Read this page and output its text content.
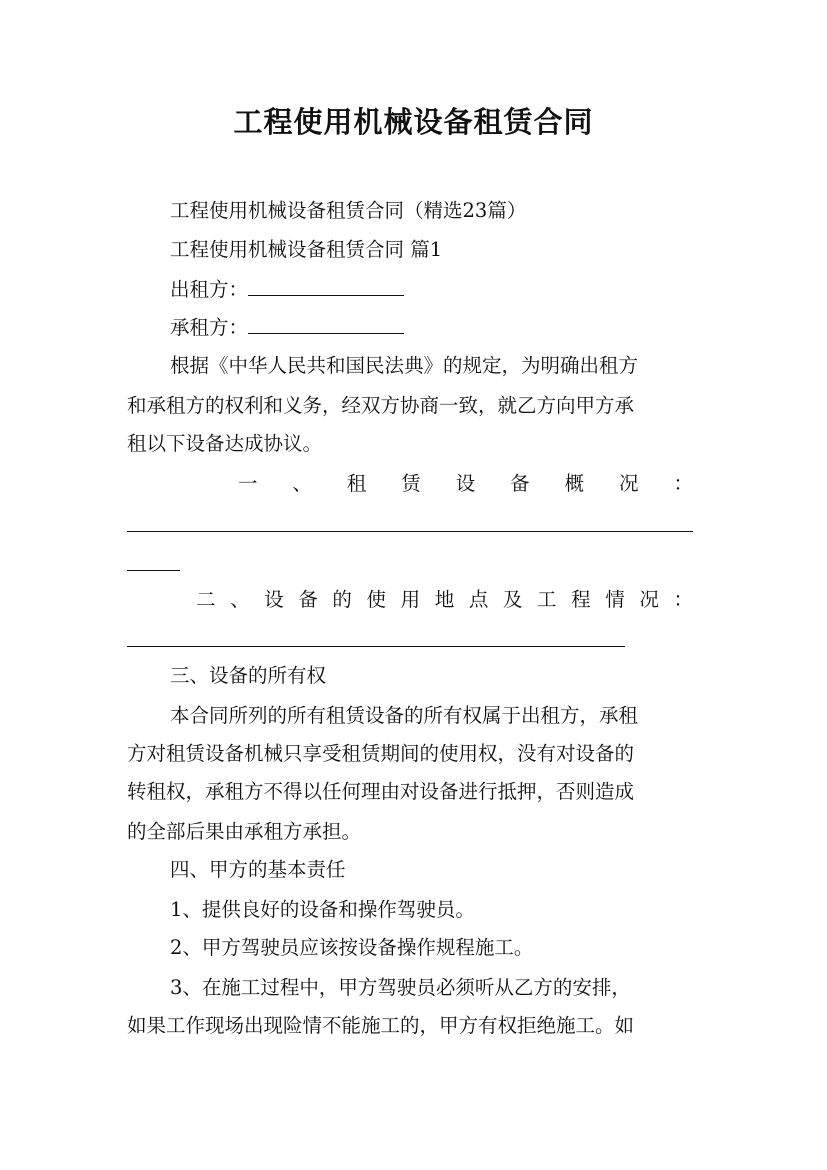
工程使用机械设备租赁合同
工程使用机械设备租赁合同（精选23篇）
工程使用机械设备租赁合同 篇1
出租方：
承租方：
根据《中华人民共和国民法典》的规定，为明确出租方
和承租方的权利和义务，经双方协商一致，就乙方向甲方承
租以下设备达成协议。
一、租赁设备概况：
二、设备的使用地点及工程情况：
三、设备的所有权
本合同所列的所有租赁设备的所有权属于出租方，承租
方对租赁设备机械只享受租赁期间的使用权，没有对设备的
转租权，承租方不得以任何理由对设备进行抵押，否则造成
的全部后果由承租方承担。
四、甲方的基本责任
1、提供良好的设备和操作驾驶员。
2、甲方驾驶员应该按设备操作规程施工。
3、在施工过程中，甲方驾驶员必须听从乙方的安排，
如果工作现场出现险情不能施工的，甲方有权拒绝施工。如
